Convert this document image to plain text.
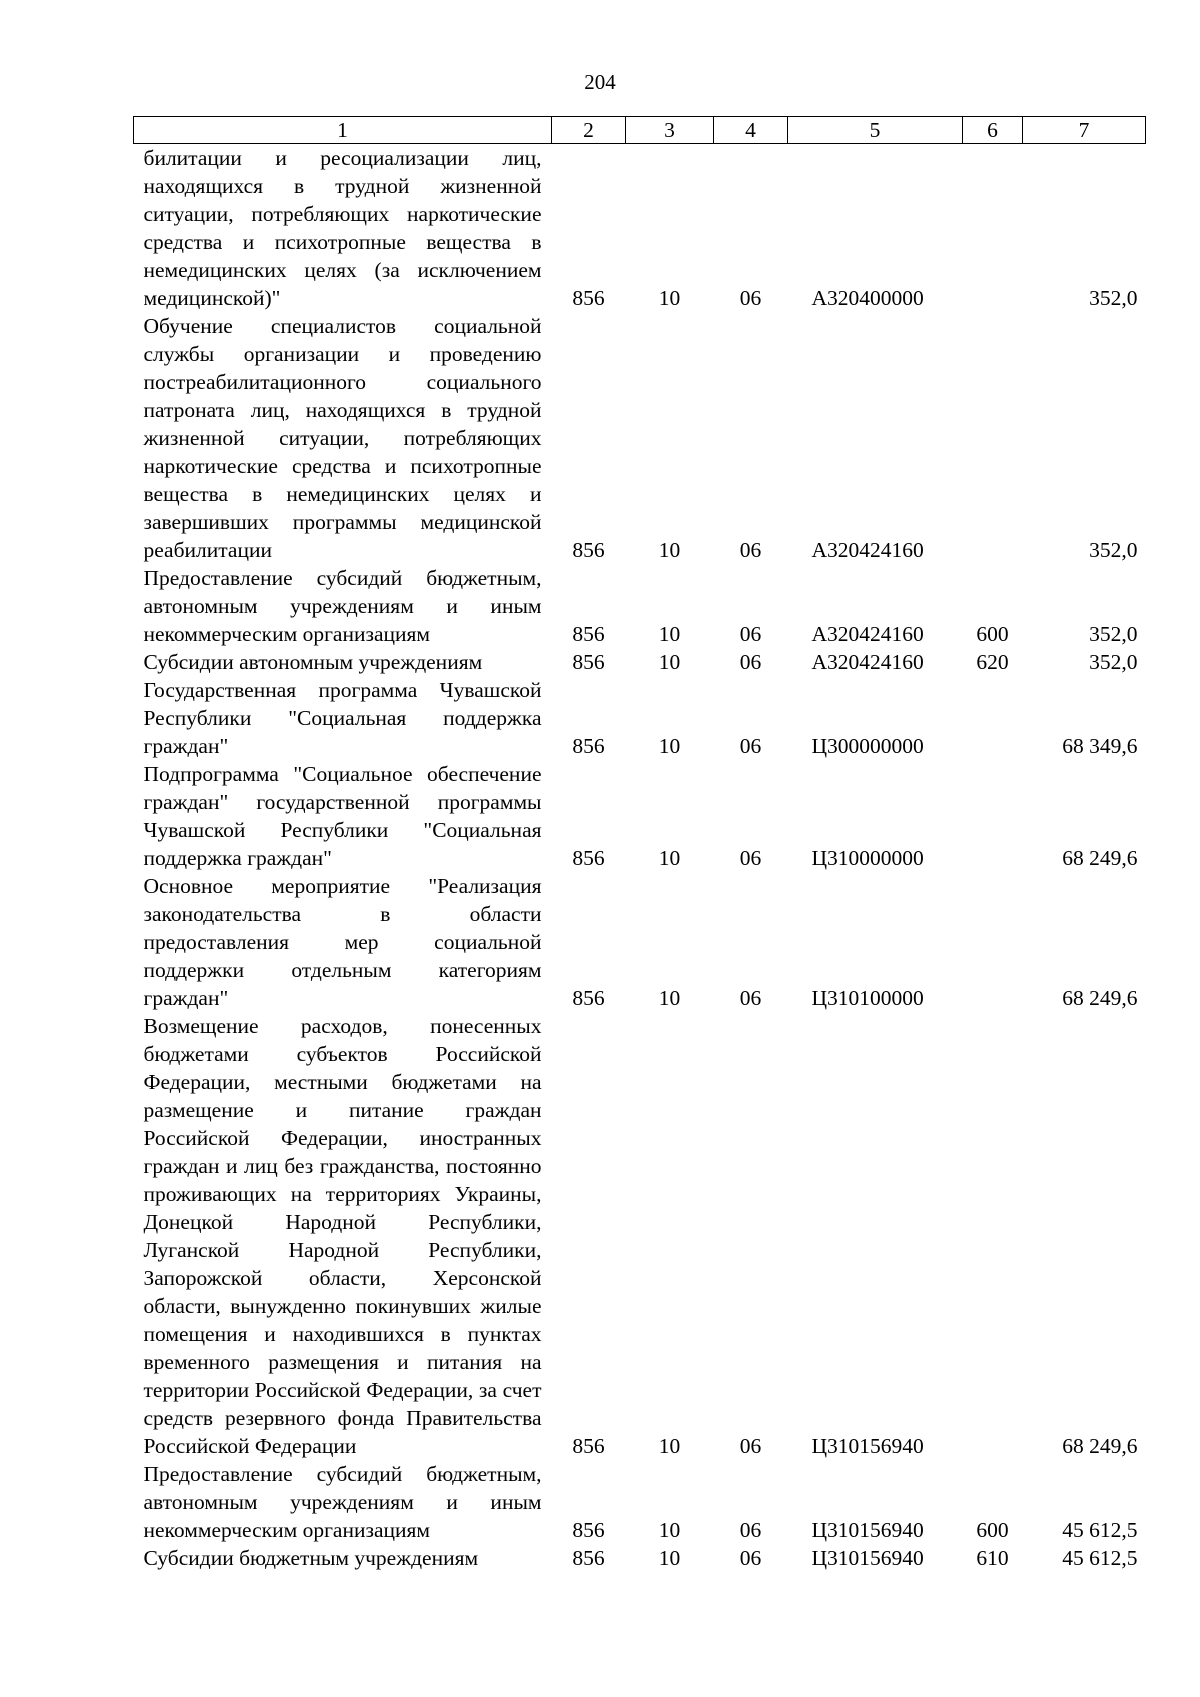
204
1	2	3	4	5	6	7
билитации и ресоциализации лиц, находящихся в трудной жизненной ситуации, потребляющих наркотические средства и психотропные вещества в немедицинских целях (за исключением медицинской)"	856	10	06	А320400000		352,0
Обучение специалистов социальной службы организации и проведению постреабилитационного социального патроната лиц, находящихся в трудной жизненной ситуации, потребляющих наркотические средства и психотропные вещества в немедицинских целях и завершивших программы медицинской реабилитации	856	10	06	А320424160		352,0
Предоставление субсидий бюджетным, автономным учреждениям и иным некоммерческим организациям	856	10	06	А320424160	600	352,0
Субсидии автономным учреждениям	856	10	06	А320424160	620	352,0
Государственная программа Чувашской Республики "Социальная поддержка граждан"	856	10	06	Ц300000000		68 349,6
Подпрограмма "Социальное обеспечение граждан" государственной программы Чувашской Республики "Социальная поддержка граждан"	856	10	06	Ц310000000		68 249,6
Основное мероприятие "Реализация законодательства в области предоставления мер социальной поддержки отдельным категориям граждан"	856	10	06	Ц310100000		68 249,6
Возмещение расходов, понесенных бюджетами субъектов Российской Федерации, местными бюджетами на размещение и питание граждан Российской Федерации, иностранных граждан и лиц без гражданства, постоянно проживающих на территориях Украины, Донецкой Народной Республики, Луганской Народной Республики, Запорожской области, Херсонской области, вынужденно покинувших жилые помещения и находившихся в пунктах временного размещения и питания на территории Российской Федерации, за счет средств резервного фонда Правительства Российской Федерации	856	10	06	Ц310156940		68 249,6
Предоставление субсидий бюджетным, автономным учреждениям и иным некоммерческим организациям	856	10	06	Ц310156940	600	45 612,5
Субсидии бюджетным учреждениям	856	10	06	Ц310156940	610	45 612,5
